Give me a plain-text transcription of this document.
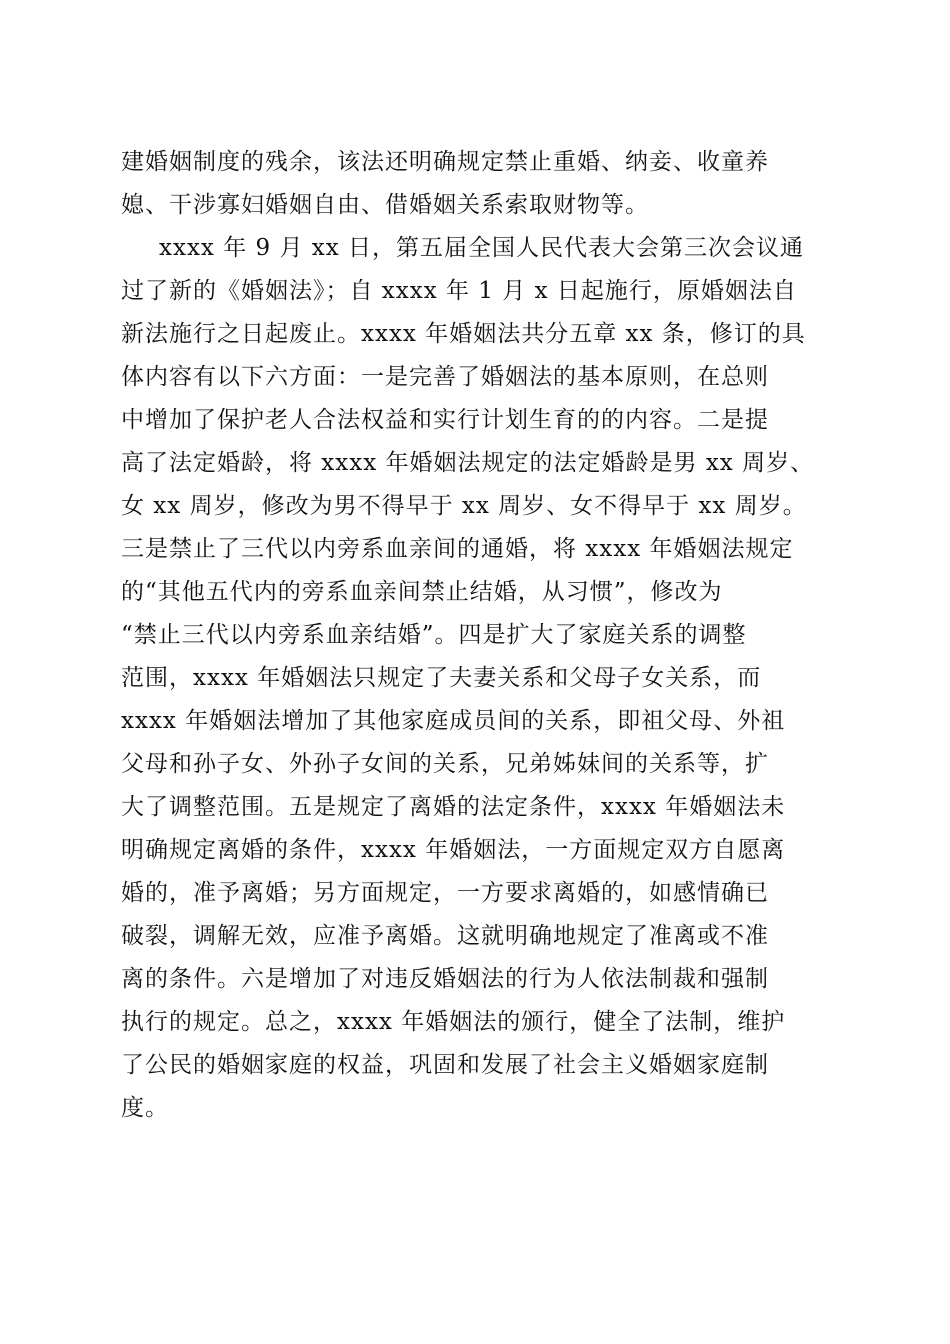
建婚姻制度的残余，该法还明确规定禁止重婚、纳妾、收童养
媳、干涉寡妇婚姻自由、借婚姻关系索取财物等。
xxxx 年 9 月 xx 日，第五届全国人民代表大会第三次会议通
过了新的《婚姻法》；自 xxxx 年 1 月 x 日起施行，原婚姻法自
新法施行之日起废止。xxxx 年婚姻法共分五章 xx 条，修订的具
体内容有以下六方面：一是完善了婚姻法的基本原则，在总则
中增加了保护老人合法权益和实行计划生育的的内容。二是提
高了法定婚龄，将 xxxx 年婚姻法规定的法定婚龄是男 xx 周岁、
女 xx 周岁，修改为男不得早于 xx 周岁、女不得早于 xx 周岁。
三是禁止了三代以内旁系血亲间的通婚，将 xxxx 年婚姻法规定
的“其他五代内的旁系血亲间禁止结婚，从习惯”，修改为
“禁止三代以内旁系血亲结婚”。四是扩大了家庭关系的调整
范围，xxxx 年婚姻法只规定了夫妻关系和父母子女关系，而
xxxx 年婚姻法增加了其他家庭成员间的关系，即祖父母、外祖
父母和孙子女、外孙子女间的关系，兄弟姊妹间的关系等，扩
大了调整范围。五是规定了离婚的法定条件，xxxx 年婚姻法未
明确规定离婚的条件，xxxx 年婚姻法，一方面规定双方自愿离
婚的，准予离婚；另方面规定，一方要求离婚的，如感情确已
破裂，调解无效，应准予离婚。这就明确地规定了准离或不准
离的条件。六是增加了对违反婚姻法的行为人依法制裁和强制
执行的规定。总之，xxxx 年婚姻法的颁行，健全了法制，维护
了公民的婚姻家庭的权益，巩固和发展了社会主义婚姻家庭制
度。
